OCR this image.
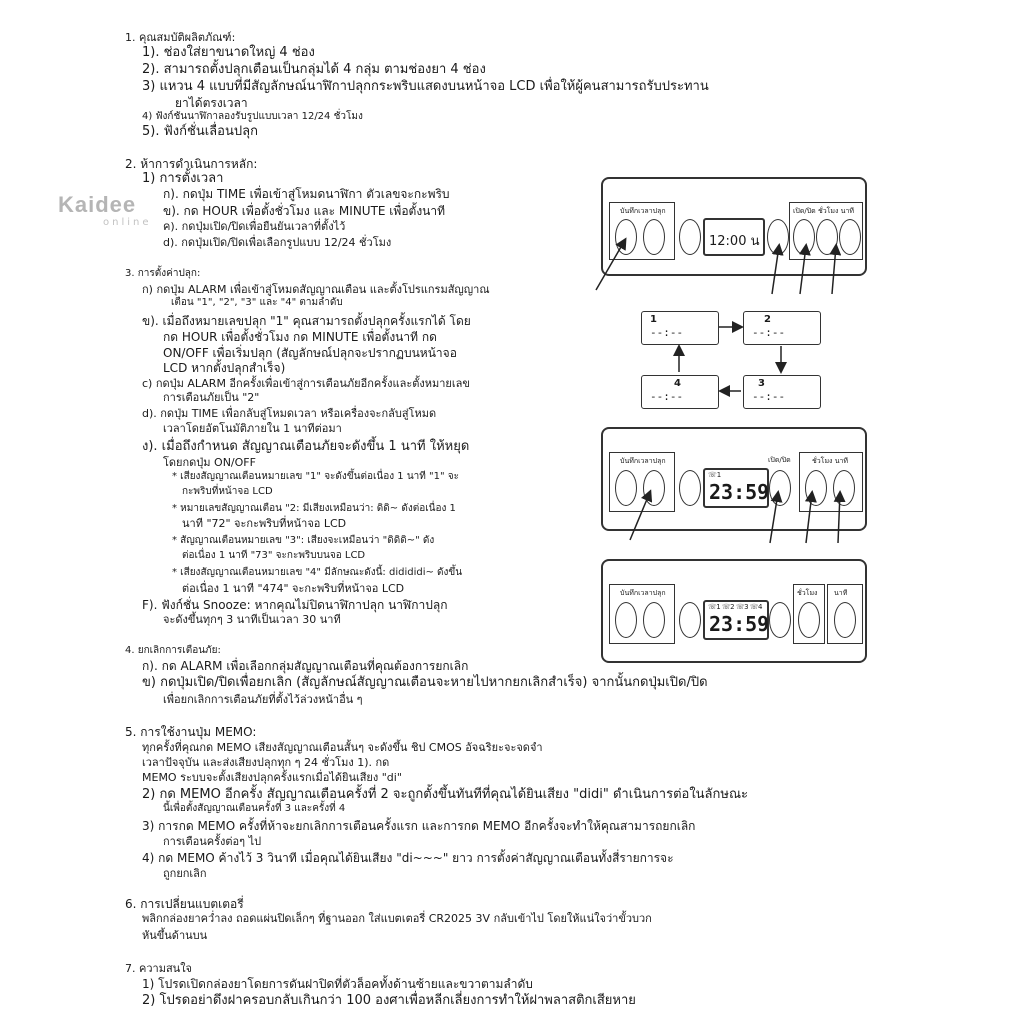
Kaidee
online
1. คุณสมบัติผลิตภัณฑ์:
1). ช่องใส่ยาขนาดใหญ่ 4 ช่อง
2). สามารถตั้งปลุกเตือนเป็นกลุ่มได้ 4 กลุ่ม ตามช่องยา 4 ช่อง
3) แหวน 4 แบบที่มีสัญลักษณ์นาฬิกาปลุกกระพริบแสดงบนหน้าจอ LCD เพื่อให้ผู้คนสามารถรับประทาน
ยาได้ตรงเวลา
4) ฟังก์ชันนาฬิกาลองรับรูปแบบเวลา 12/24 ชั่วโมง
5). ฟังก์ชั่นเลื่อนปลุก
2. ห้าการดำเนินการหลัก:
1) การตั้งเวลา
ก). กดปุ่ม TIME เพื่อเข้าสู่โหมดนาฬิกา ตัวเลขจะกะพริบ
ข). กด HOUR เพื่อตั้งชั่วโมง และ MINUTE เพื่อตั้งนาที
ค). กดปุ่มเปิด/ปิดเพื่อยืนยันเวลาที่ตั้งไว้
d). กดปุ่มเปิด/ปิดเพื่อเลือกรูปแบบ 12/24 ชั่วโมง
3. การตั้งค่าปลุก:
ก) กดปุ่ม ALARM เพื่อเข้าสู่โหมดสัญญาณเตือน และตั้งโปรแกรมสัญญาณ
เตือน "1", "2", "3" และ "4" ตามลำดับ
ข). เมื่อถึงหมายเลขปลุก "1" คุณสามารถตั้งปลุกครั้งแรกได้ โดย
กด HOUR เพื่อตั้งชั่วโมง กด MINUTE เพื่อตั้งนาที กด
ON/OFF เพื่อเริ่มปลุก (สัญลักษณ์ปลุกจะปรากฏบนหน้าจอ
LCD หากตั้งปลุกสำเร็จ)
c) กดปุ่ม ALARM อีกครั้งเพื่อเข้าสู่การเตือนภัยอีกครั้งและตั้งหมายเลข
การเตือนภัยเป็น "2"
d). กดปุ่ม TIME เพื่อกลับสู่โหมดเวลา หรือเครื่องจะกลับสู่โหมด
เวลาโดยอัตโนมัติภายใน 1 นาทีต่อมา
ง). เมื่อถึงกำหนด สัญญาณเตือนภัยจะดังขึ้น 1 นาที ให้หยุด
โดยกดปุ่ม ON/OFF
* เสียงสัญญาณเตือนหมายเลข "1" จะดังขึ้นต่อเนื่อง 1 นาที "1" จะ
กะพริบที่หน้าจอ LCD
* หมายเลขสัญญาณเตือน "2: มีเสียงเหมือนว่า: ดิดิ~ ดังต่อเนื่อง 1
นาที "72" จะกะพริบที่หน้าจอ LCD
* สัญญาณเตือนหมายเลข "3": เสียงจะเหมือนว่า "ดิดิดิ~" ดัง
ต่อเนื่อง 1 นาที "73" จะกะพริบบนจอ LCD
* เสียงสัญญาณเตือนหมายเลข "4" มีลักษณะดังนี้: didididi~ ดังขึ้น
ต่อเนื่อง 1 นาที "474" จะกะพริบที่หน้าจอ LCD
F). ฟังก์ชั่น Snooze: หากคุณไม่ปิดนาฬิกาปลุก นาฬิกาปลุก
จะดังขึ้นทุกๆ 3 นาทีเป็นเวลา 30 นาที
4. ยกเลิกการเตือนภัย:
ก). กด ALARM เพื่อเลือกกลุ่มสัญญาณเตือนที่คุณต้องการยกเลิก
ข) กดปุ่มเปิด/ปิดเพื่อยกเลิก (สัญลักษณ์สัญญาณเตือนจะหายไปหากยกเลิกสำเร็จ) จากนั้นกดปุ่มเปิด/ปิด
เพื่อยกเลิกการเตือนภัยที่ตั้งไว้ล่วงหน้าอื่น ๆ
5. การใช้งานปุ่ม MEMO:
ทุกครั้งที่คุณกด MEMO เสียงสัญญาณเตือนสั้นๆ จะดังขึ้น ชิป CMOS อัจฉริยะจะจดจำ
เวลาปัจจุบัน และส่งเสียงปลุกทุก ๆ 24 ชั่วโมง 1). กด
MEMO ระบบจะตั้งเสียงปลุกครั้งแรกเมื่อได้ยินเสียง "di"
2) กด MEMO อีกครั้ง สัญญาณเตือนครั้งที่ 2 จะถูกตั้งขึ้นทันทีที่คุณได้ยินเสียง "didi" ดำเนินการต่อในลักษณะ
นี้เพื่อตั้งสัญญาณเตือนครั้งที่ 3 และครั้งที่ 4
3) การกด MEMO ครั้งที่ห้าจะยกเลิกการเตือนครั้งแรก และการกด MEMO อีกครั้งจะทำให้คุณสามารถยกเลิก
การเตือนครั้งต่อๆ ไป
4) กด MEMO ค้างไว้ 3 วินาที เมื่อคุณได้ยินเสียง "di~~~" ยาว การตั้งค่าสัญญาณเตือนทั้งสี่รายการจะ
ถูกยกเลิก
6. การเปลี่ยนแบตเตอรี่
พลิกกล่องยาคว่ำลง ถอดแผ่นปิดเล็กๆ ที่ฐานออก ใส่แบตเตอรี่ CR2025 3V กลับเข้าไป โดยให้แน่ใจว่าขั้วบวก
หันขึ้นด้านบน
7. ความสนใจ
1) โปรดเปิดกล่องยาโดยการดันฝาปิดที่ตัวล็อคทั้งด้านซ้ายและขวาตามลำดับ
2) โปรดอย่าดึงฝาครอบกลับเกินกว่า 100 องศาเพื่อหลีกเลี่ยงการทำให้ฝาพลาสติกเสียหาย
บันทึกเวลาปลุก
12:00 น
เปิด/ปิด ชั่วโมง นาที
1
--:--
2
--:--
3
--:--
4
--:--
บันทึกเวลาปลุก
☏1
23:59
เปิด/ปิด	ชั่วโมง นาที
บันทึกเวลาปลุก
☏1 ☏2 ☏3 ☏4
23:59
ชั่วโมง นาที
